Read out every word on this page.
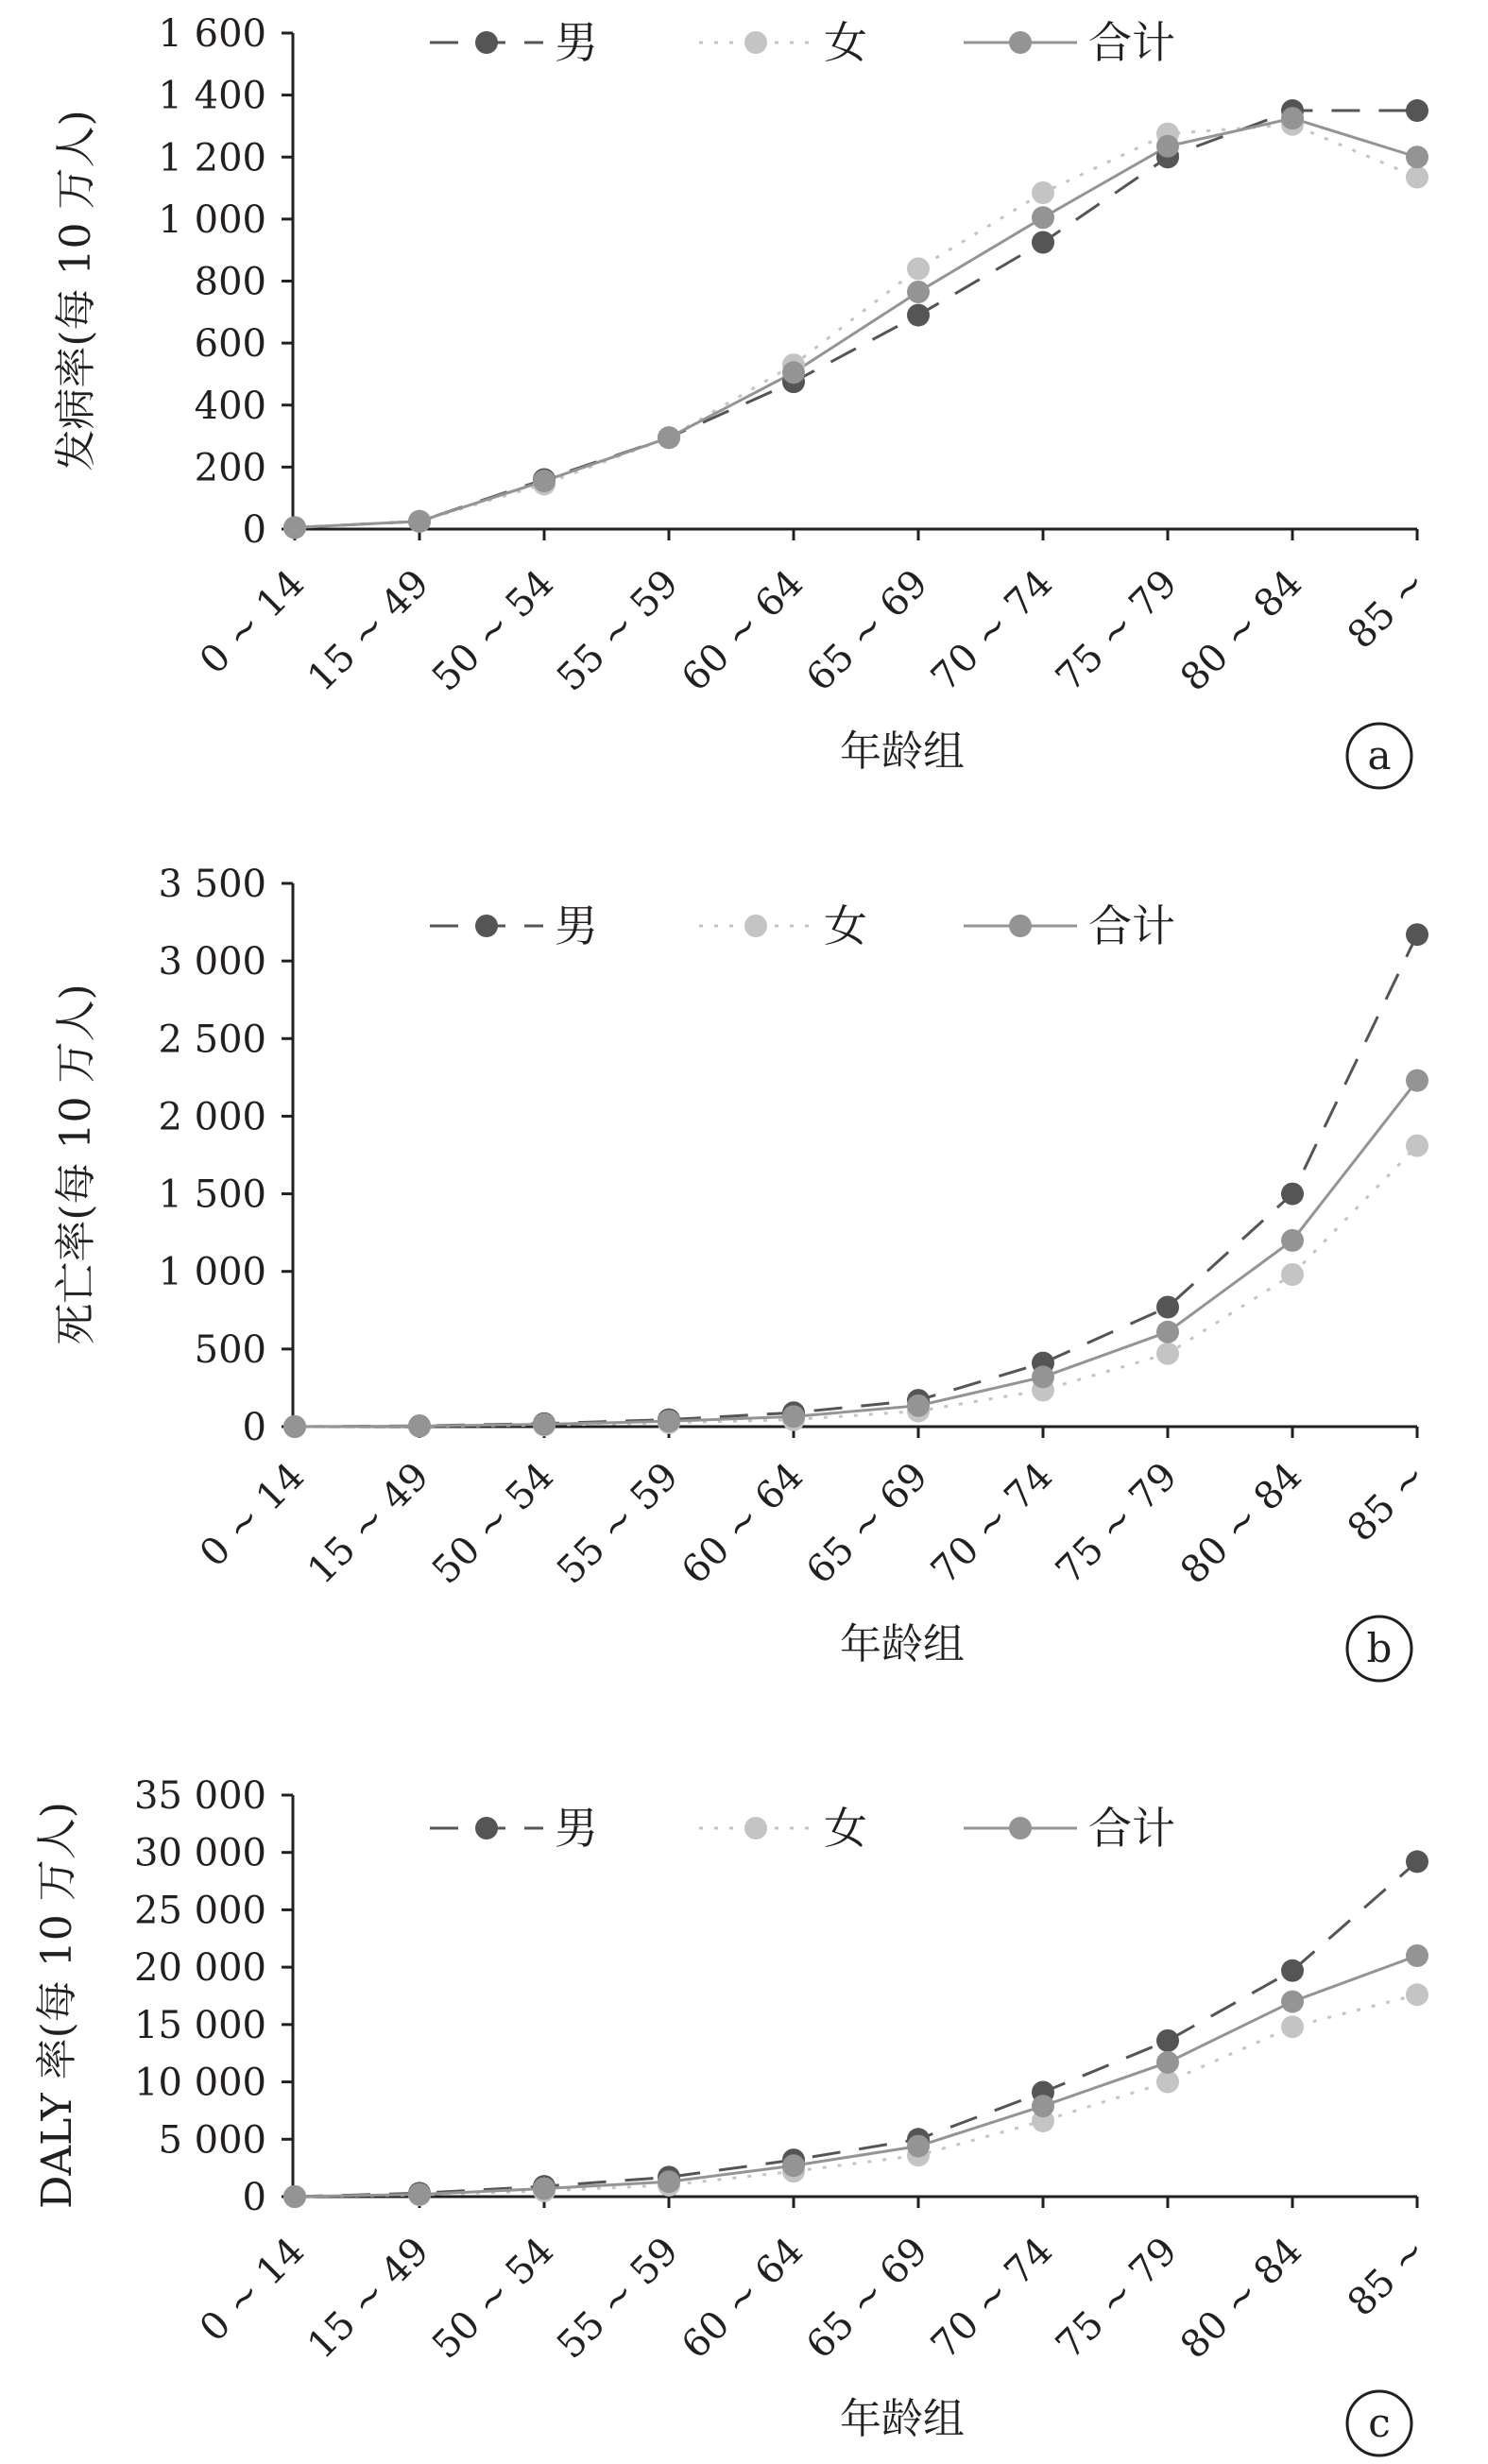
0
200
400
600
800
1 000
1 200
1 400
1 600
0 ~ 14
15 ~ 49
50 ~ 54
55 ~ 59
60 ~ 64
65 ~ 69
70 ~ 74
75 ~ 79
80 ~ 84 85 ~
年龄组
发病率(每 10 万人)
a
男	女	合计
0
500
1 000
1 500
2 000
2 500
3 000
3 500
0 ~ 14
15 ~ 49
50 ~ 54
55 ~ 59
60 ~ 64
65 ~ 69
70 ~ 74
75 ~ 79
80 ~ 84 85 ~
年龄组
死亡率(每 10 万人)
b
男	女	合计
0
5 000
10 000
15 000
20 000
25 000
30 000
35 000
0 ~ 14
15 ~ 49
50 ~ 54
55 ~ 59
60 ~ 64
65 ~ 69
70 ~ 74
75 ~ 79
80 ~ 84 85 ~
年龄组
DALY 率(每 10 万人)
c
男	女	合计
